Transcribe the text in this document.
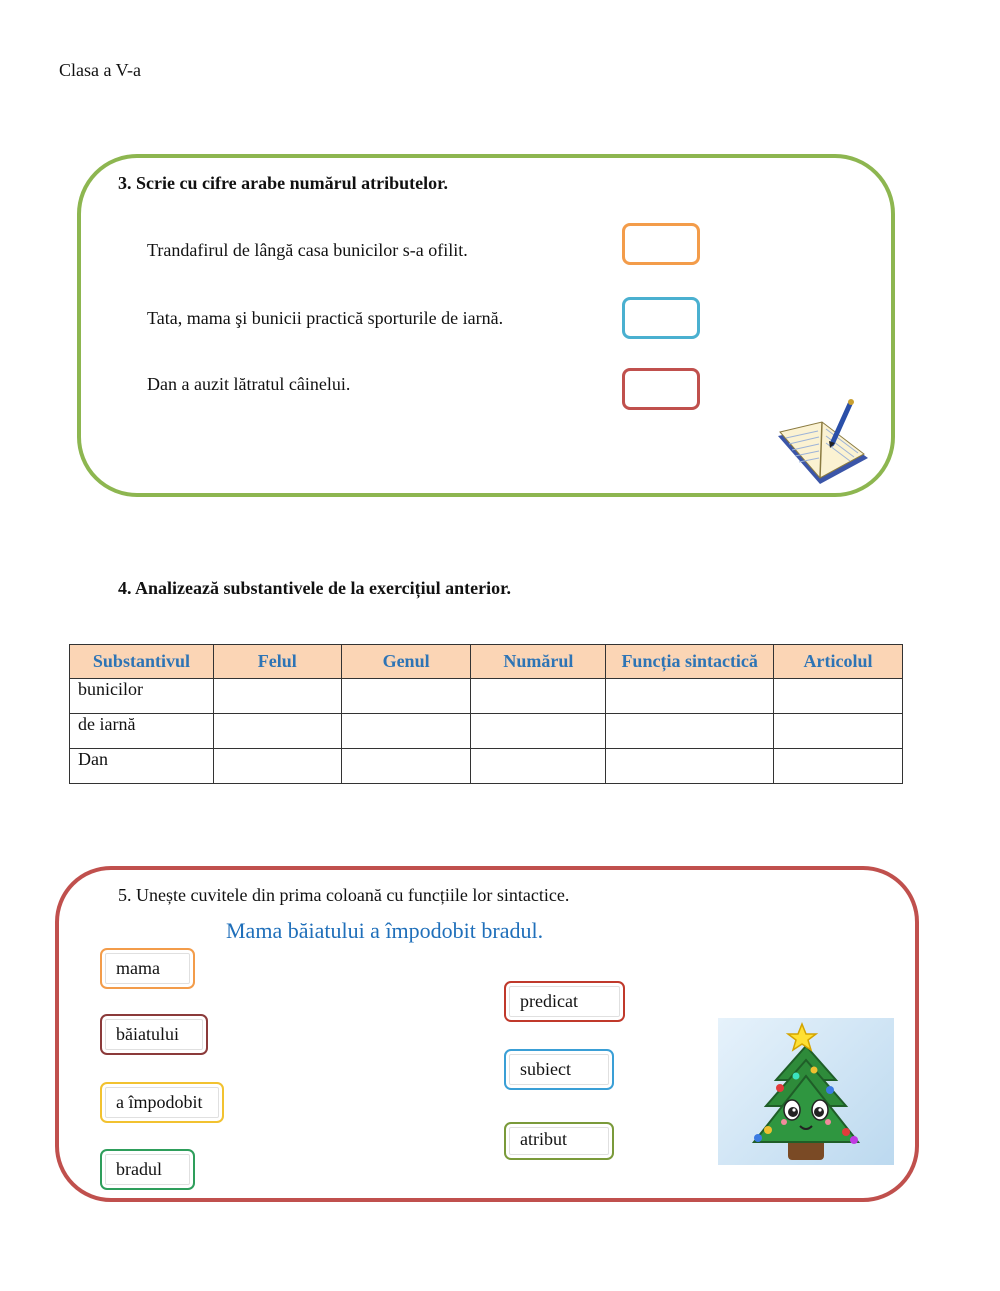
Clasa a V-a
3. Scrie cu cifre arabe numărul atributelor.
Trandafirul de lângă casa bunicilor s-a ofilit.
Tata, mama şi bunicii practică sporturile de iarnă.
Dan a auzit lătratul câinelui.
4. Analizează substantivele de la exercițiul anterior.
Substantivul	Felul	Genul	Numărul	Funcția sintactică	Articolul
bunicilor					
de iarnă					
Dan					
5. Unește cuvitele din prima coloană cu funcțiile lor sintactice.
Mama băiatului a împodobit bradul.
mama
băiatului
a împodobit
bradul
predicat
subiect
atribut
